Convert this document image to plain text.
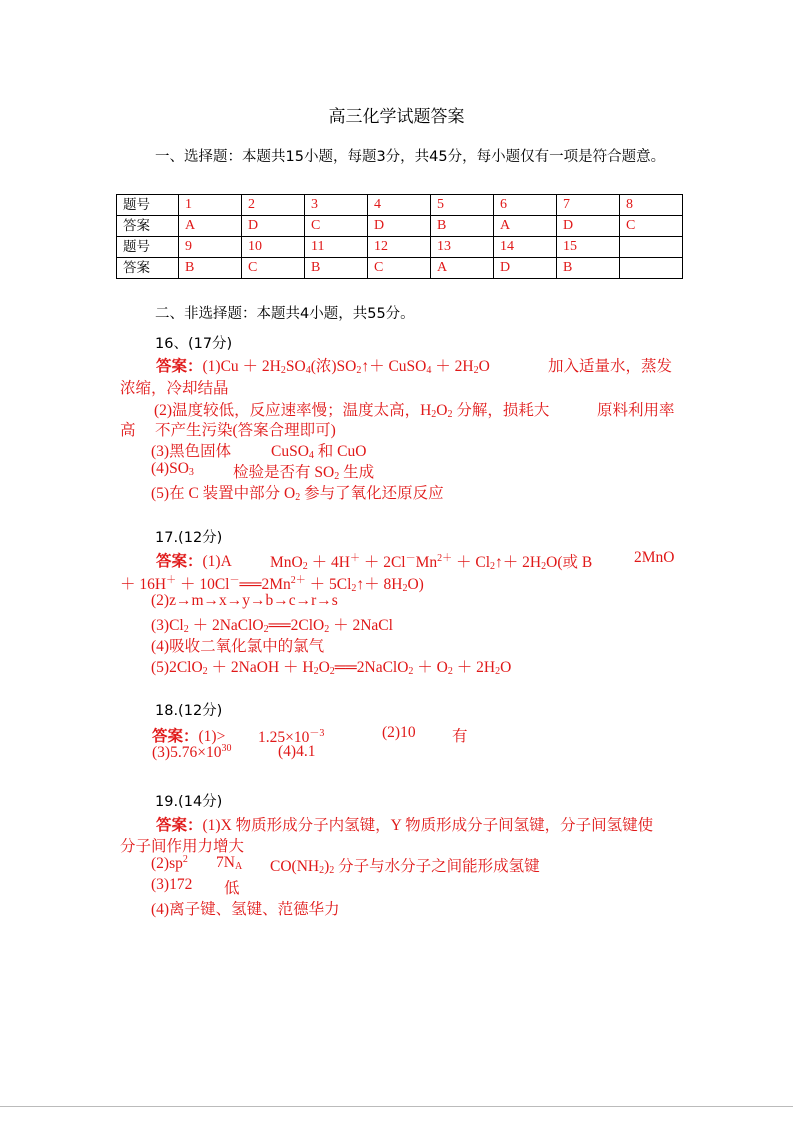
高三化学试题答案
一、选择题：本题共15小题，每题3分，共45分，每小题仅有一项是符合题意。
题号	1	2	3	4	5	6	7	8
答案	A	D	C	D	B	A	D	C
题号	9	10	11	12	13	14	15	
答案	B	C	B	C	A	D	B	
二、非选择题：本题共4小题，共55分。
16、(17分)
答案：$(1)Cu + 2H_2SO_4$(浓)$SO_2↑+$ CuSO$_4$ ＋ $2H_2O$	加入适量水，蒸发
浓缩，冷却结晶
(2)温度较低，反应速率慢；温度太高，$H_2O_2$ 分解，损耗大	原料利用率
高 不产生污染(答案合理即可)
(3)黑色固体	CuSO$_4$ 和 CuO
$(4)SO_3$	检验是否有 $SO_2$ 生成
(5)在 C 装置中部分 $O_2$ 参与了氧化还原反应
17.(12分)
答案：(1)A $MnO_2 + 4H^+ + 2Cl^-Mn^{2+}$ ＋ $Cl_2↑+ 2H_2O$(或 B	2MnO
＋ $16H^+ + 10Cl^-══2Mn^{2+}$ ＋ $5Cl_2↑+ 8H_2O$)
(2)z→m→x→y→b→c→r→s
$(3)Cl_2$ ＋ 2NaClO$_2$══2ClO$_2$ ＋ 2NaCl
(4)吸收二氧化氯中的氯气
(5)2ClO$_2$ ＋ 2NaOH ＋ $H_2O_2══2NaClO_2 + O_2 + 2H_2O$
18.(12分)
答案：$(1)> 1.25\times 10^{-3}$	(2)10 有
$(3)5.76\times 10^{30}$	(4)4.1
19.(14分)
答案：(1)X 物质形成分子内氢键，Y 物质形成分子间氢键，分子间氢键使
分子间作用力增大
$(2)sp^2$ $7N_A$ $CO(NH_2)_2$ 分子与水分子之间能形成氢键
(3)172 低
(4)离子键、氢键、范德华力
